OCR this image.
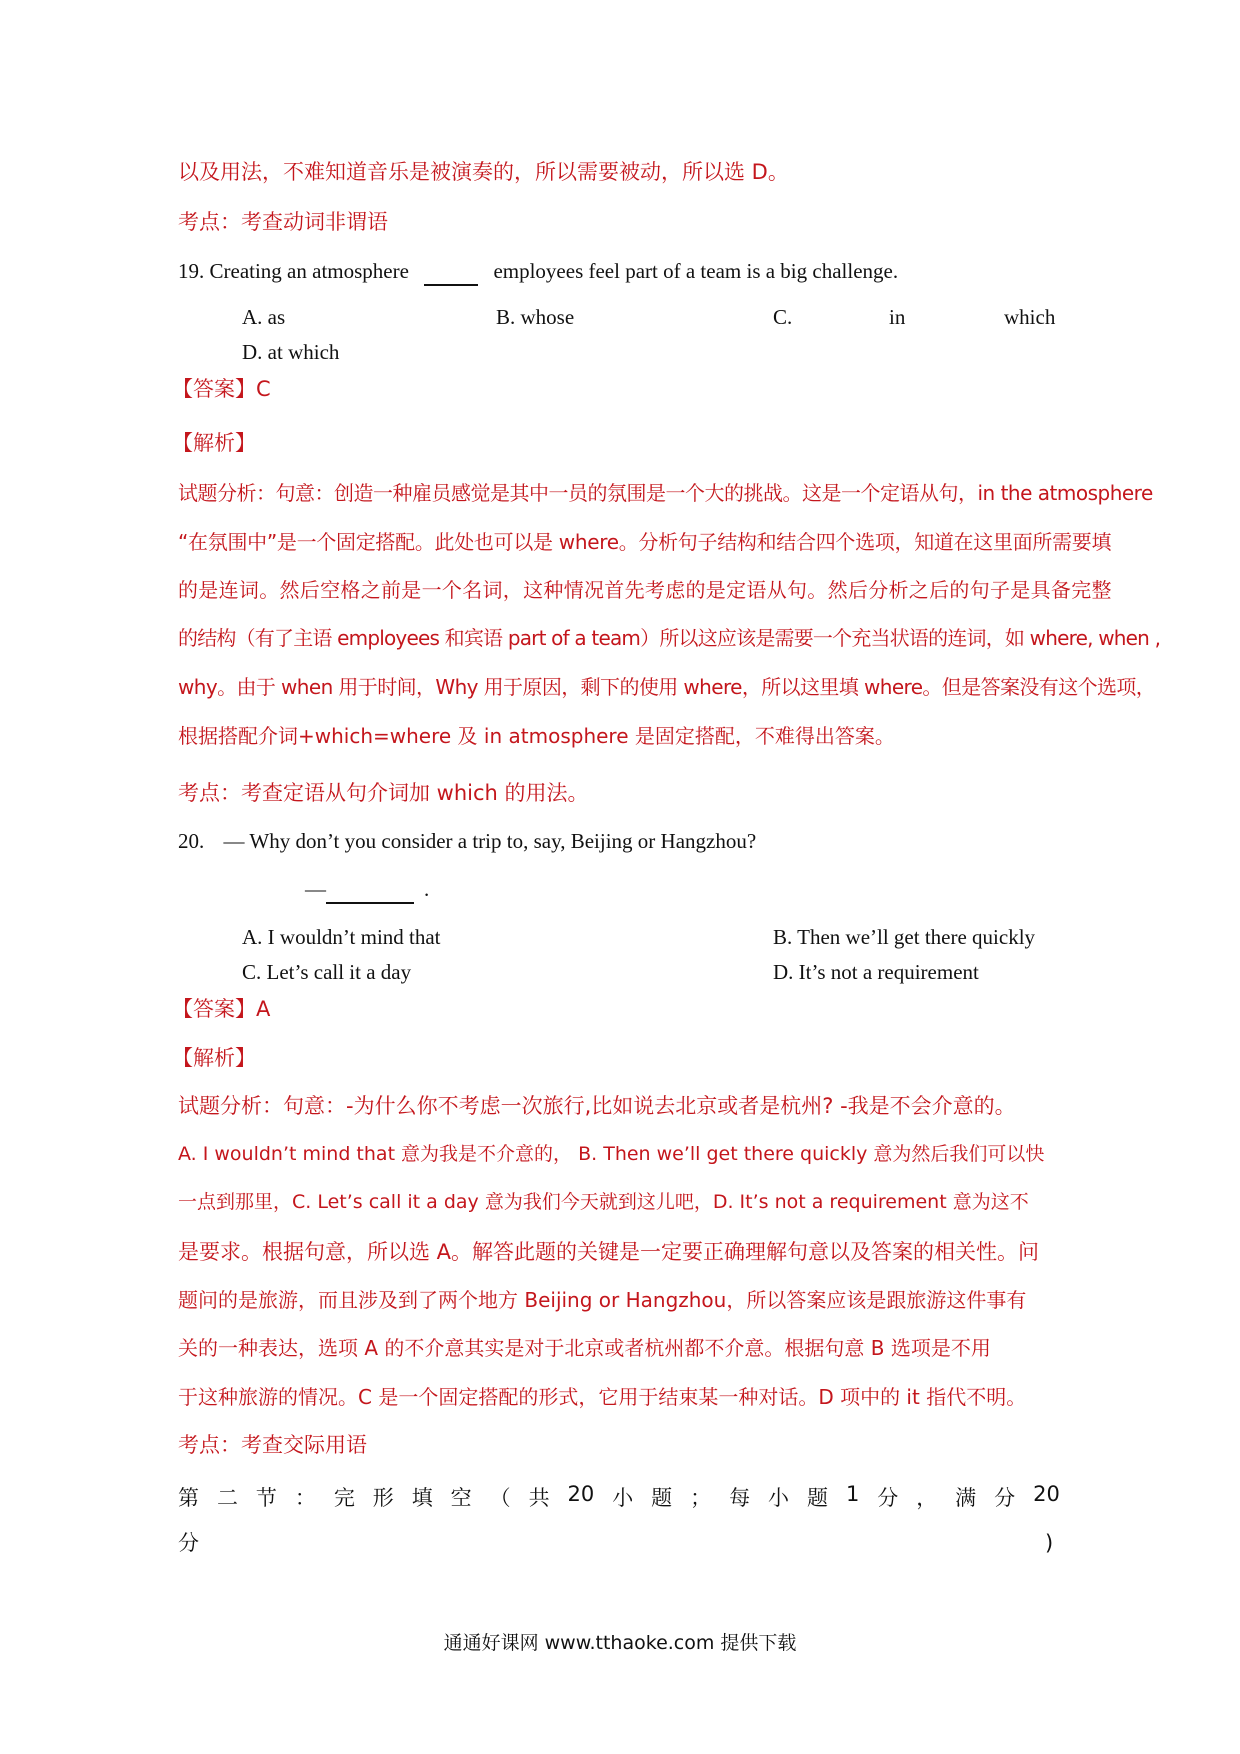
以及用法，不难知道音乐是被演奏的，所以需要被动，所以选 D。
考点：考查动词非谓语
19. Creating an atmosphere	employees feel part of a team is a big challenge.
A. as	B. whose	C.	in	which
D. at which
【答案】C
【解析】
试题分析：句意：创造一种雇员感觉是其中一员的氛围是一个大的挑战。这是一个定语从句，in the atmosphere
“在氛围中”是一个固定搭配。此处也可以是 where。分析句子结构和结合四个选项，知道在这里面所需要填
的是连词。然后空格之前是一个名词，这种情况首先考虑的是定语从句。然后分析之后的句子是具备完整
的结构（有了主语 employees 和宾语 part of a team）所以这应该是需要一个充当状语的连词，如 where, when ,
why。由于 when 用于时间，Why 用于原因，剩下的使用 where，所以这里填 where。但是答案没有这个选项，
根据搭配介词+which=where 及 in atmosphere 是固定搭配，不难得出答案。
考点：考查定语从句介词加 which 的用法。
20. — Why don’t you consider a trip to, say, Beijing or Hangzhou?
—	.
A. I wouldn’t mind that	B. Then we’ll get there quickly
C. Let’s call it a day	D. It’s not a requirement
【答案】A
【解析】
试题分析：句意：-为什么你不考虑一次旅行,比如说去北京或者是杭州? -我是不会介意的。
A. I wouldn’t mind that 意为我是不介意的， B. Then we’ll get there quickly 意为然后我们可以快
一点到那里，C. Let’s call it a day 意为我们今天就到这儿吧，D. It’s not a requirement 意为这不
是要求。根据句意，所以选 A。解答此题的关键是一定要正确理解句意以及答案的相关性。问
题问的是旅游，而且涉及到了两个地方 Beijing or Hangzhou，所以答案应该是跟旅游这件事有
关的一种表达，选项 A 的不介意其实是对于北京或者杭州都不介意。根据句意 B 选项是不用
于这种旅游的情况。C 是一个固定搭配的形式，它用于结束某一种对话。D 项中的 it 指代不明。
考点：考查交际用语
第 二 节 ： 完 形 填 空 （ 共 20 小 题 ； 每 小 题 1 分 ， 满 分 20
分	)
通通好课网 www.tthaoke.com 提供下载
